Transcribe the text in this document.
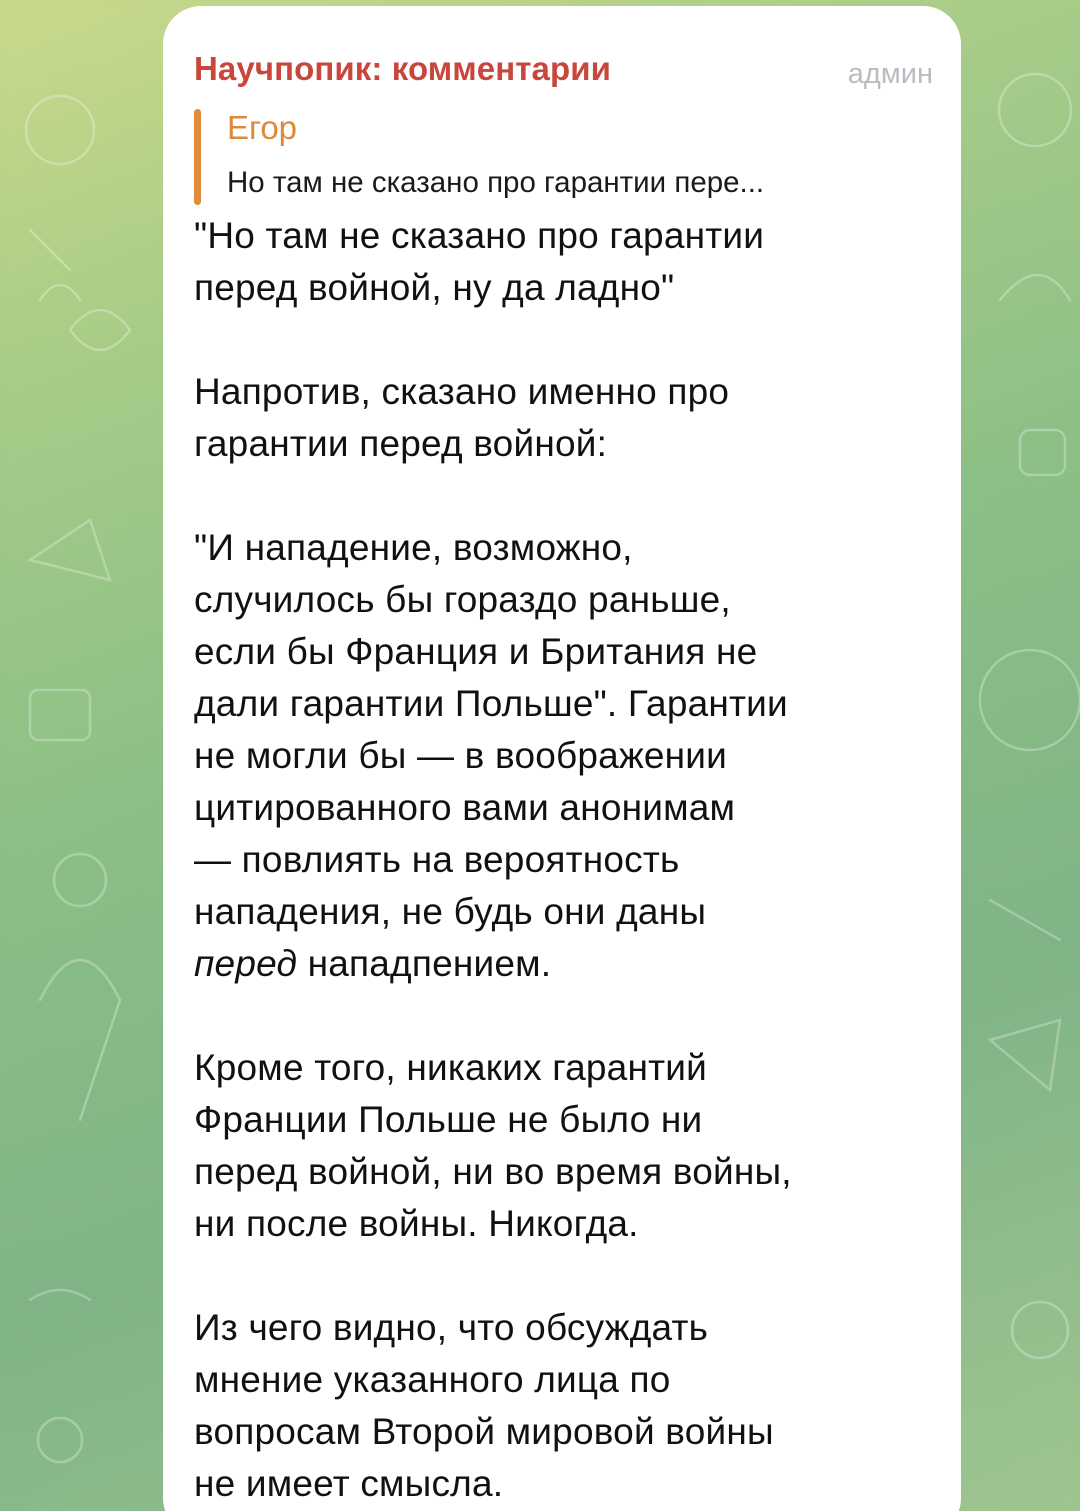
Научпопик: комментарии	админ
Егор
Но там не сказано про гарантии пере...
"Но там не сказано про гарантии
перед войной, ну да ладно"
Напротив, сказано именно про
гарантии перед войной:
"И нападение, возможно,
случилось бы гораздо раньше,
если бы Франция и Британия не
дали гарантии Польше". Гарантии
не могли бы — в воображении
цитированного вами анонимам
— повлиять на вероятность
нападения, не будь они даны
перед нападпением.
Кроме того, никаких гарантий
Франции Польше не было ни
перед войной, ни во время войны,
ни после войны. Никогда.
Из чего видно, что обсуждать
мнение указанного лица по
вопросам Второй мировой войны
не имеет смысла.
